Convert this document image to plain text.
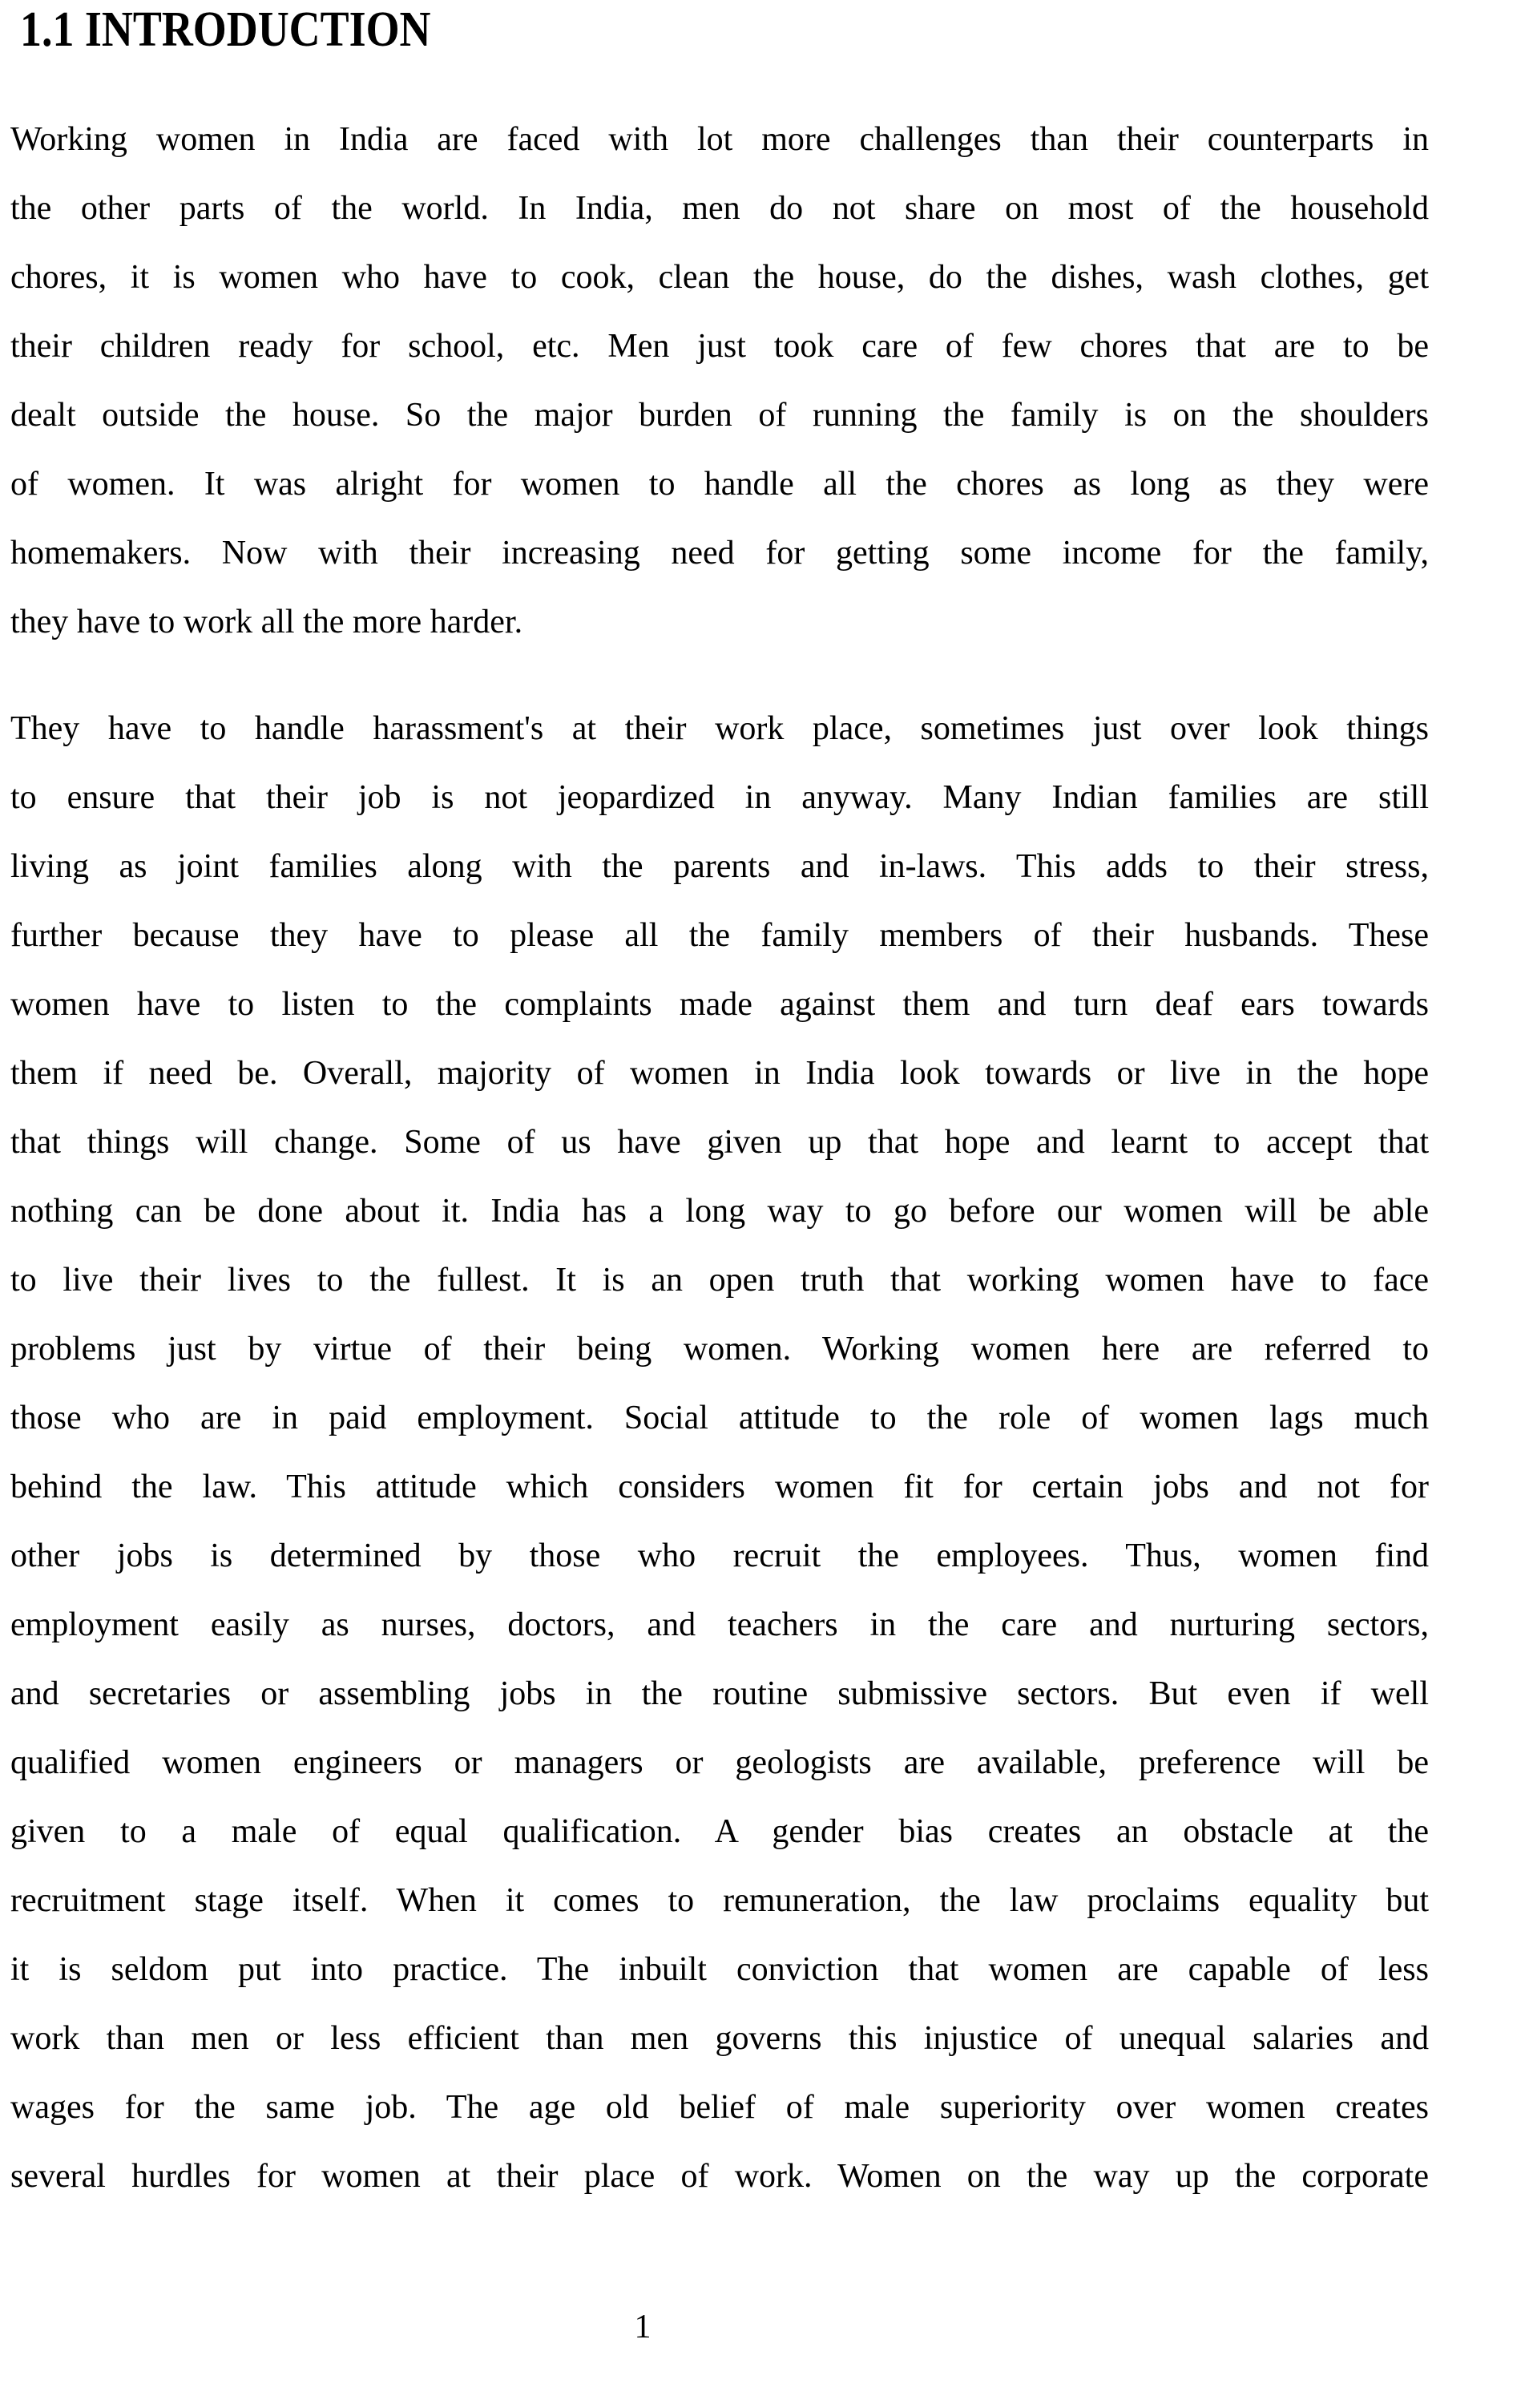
1.1 INTRODUCTION
Working women in India are faced with lot more challenges than their counterparts in
the other parts of the world. In India, men do not share on most of the household
chores, it is women who have to cook, clean the house, do the dishes, wash clothes, get
their children ready for school, etc. Men just took care of few chores that are to be
dealt outside the house. So the major burden of running the family is on the shoulders
of women. It was alright for women to handle all the chores as long as they were
homemakers. Now with their increasing need for getting some income for the family,
they have to work all the more harder.
They have to handle harassment's at their work place, sometimes just over look things
to ensure that their job is not jeopardized in anyway. Many Indian families are still
living as joint families along with the parents and in-laws. This adds to their stress,
further because they have to please all the family members of their husbands. These
women have to listen to the complaints made against them and turn deaf ears towards
them if need be. Overall, majority of women in India look towards or live in the hope
that things will change. Some of us have given up that hope and learnt to accept that
nothing can be done about it. India has a long way to go before our women will be able
to live their lives to the fullest. It is an open truth that working women have to face
problems just by virtue of their being women. Working women here are referred to
those who are in paid employment. Social attitude to the role of women lags much
behind the law. This attitude which considers women fit for certain jobs and not for
other jobs is determined by those who recruit the employees. Thus, women find
employment easily as nurses, doctors, and teachers in the care and nurturing sectors,
and secretaries or assembling jobs in the routine submissive sectors. But even if well
qualified women engineers or managers or geologists are available, preference will be
given to a male of equal qualification. A gender bias creates an obstacle at the
recruitment stage itself. When it comes to remuneration, the law proclaims equality but
it is seldom put into practice. The inbuilt conviction that women are capable of less
work than men or less efficient than men governs this injustice of unequal salaries and
wages for the same job. The age old belief of male superiority over women creates
several hurdles for women at their place of work. Women on the way up the corporate
1
